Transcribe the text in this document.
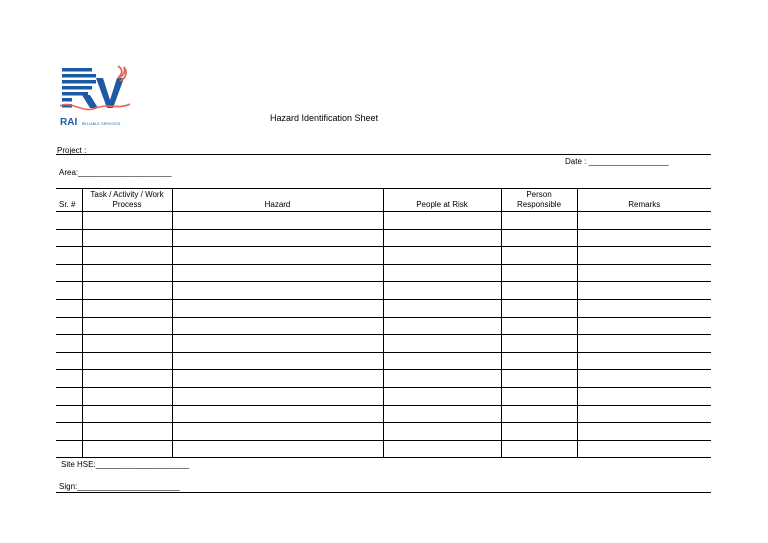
RAI RELIABLE SERVICES
Hazard Identification Sheet
Project :_________________________
Date : __________________
Area:_____________________
Sr. #	Task / Activity / Work Process	Hazard	People at Risk	Person Responsible	Remarks

Site HSE:_____________________
Sign:_______________________
